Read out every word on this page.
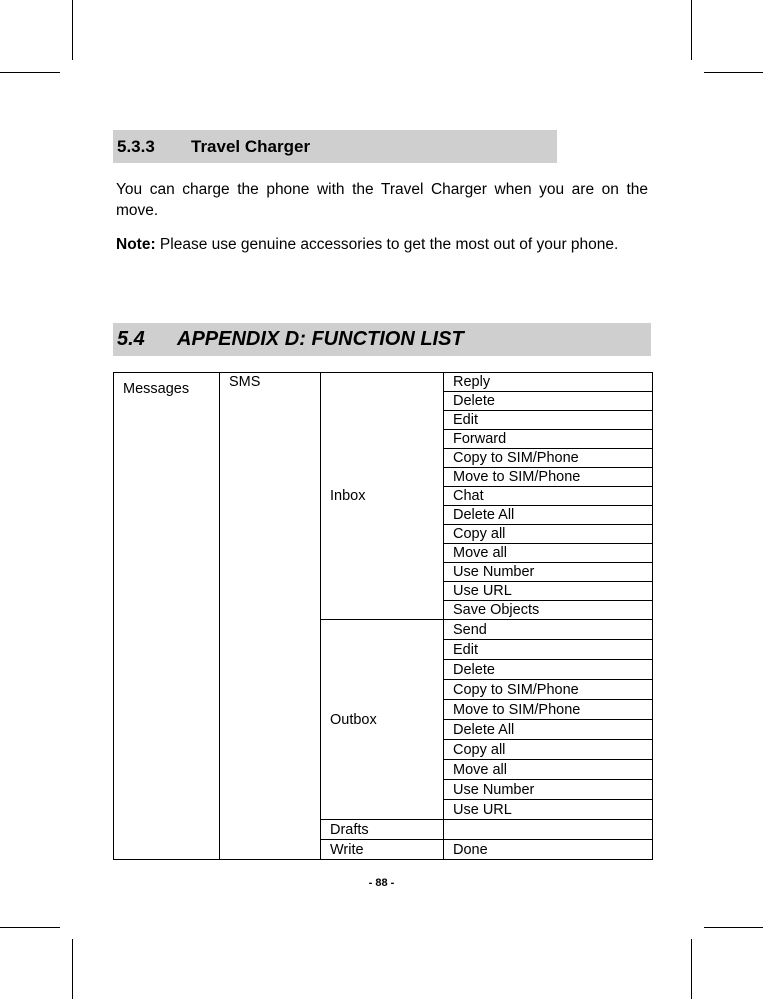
5.3.3 Travel Charger
You can charge the phone with the Travel Charger when you are on the move.
Note: Please use genuine accessories to get the most out of your phone.
5.4 APPENDIX D: FUNCTION LIST
Messages	SMS	Inbox	Reply
			Delete
			Edit
			Forward
			Copy to SIM/Phone
			Move to SIM/Phone
			Chat
			Delete All
			Copy all
			Move all
			Use Number
			Use URL
			Save Objects
		Outbox	Send
			Edit
			Delete
			Copy to SIM/Phone
			Move to SIM/Phone
			Delete All
			Copy all
			Move all
			Use Number
			Use URL
		Drafts	
		Write	Done
- 88 -
